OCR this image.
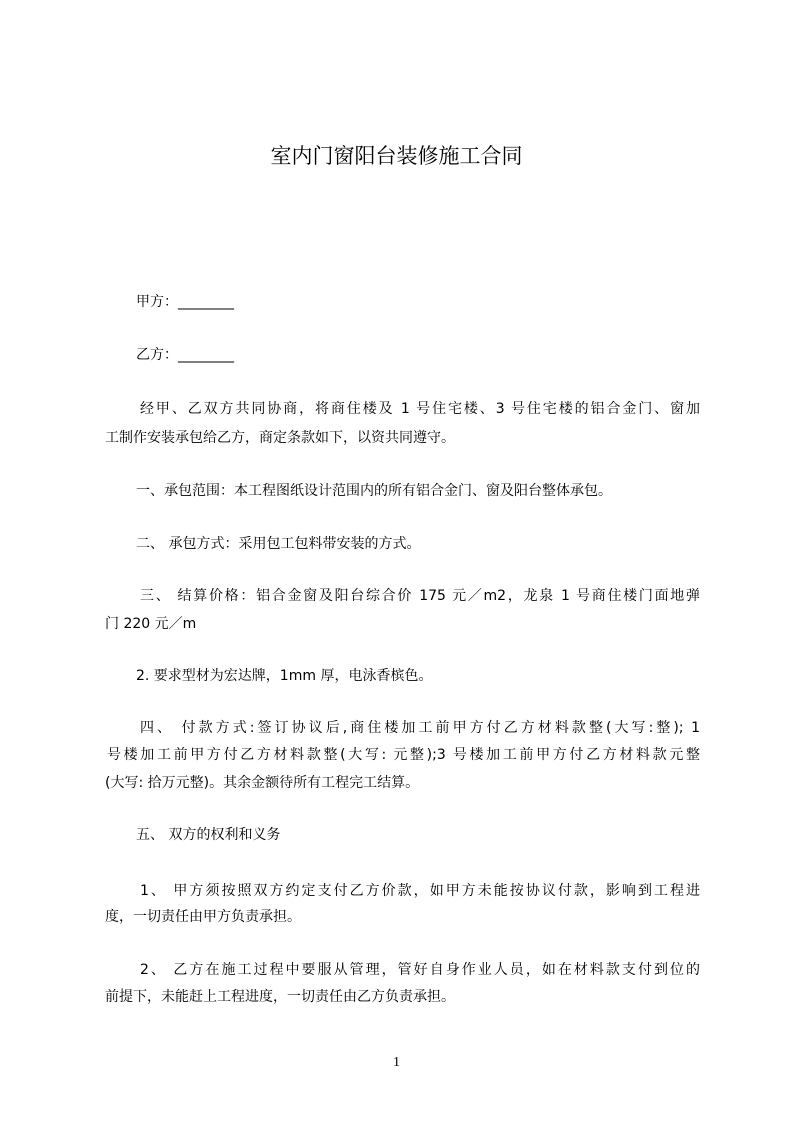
室内门窗阳台装修施工合同
甲方：________
乙方：________
经甲、乙双方共同协商，将商住楼及 1 号住宅楼、3 号住宅楼的铝合金门、窗加
工制作安装承包给乙方，商定条款如下，以资共同遵守。
一、承包范围：本工程图纸设计范围内的所有铝合金门、窗及阳台整体承包。
二、 承包方式：采用包工包料带安装的方式。
三、 结算价格：铝合金窗及阳台综合价 175 元／m2，龙泉 1 号商住楼门面地弹
门 220 元／m
2. 要求型材为宏达牌，1mm 厚，电泳香槟色。
四、 付款方式:签订协议后,商住楼加工前甲方付乙方材料款整(大写:整); 1
号楼加工前甲方付乙方材料款整(大写: 元整);3 号楼加工前甲方付乙方材料款元整
(大写: 拾万元整)。其余金额待所有工程完工结算。
五、 双方的权利和义务
1、 甲方须按照双方约定支付乙方价款，如甲方未能按协议付款，影响到工程进
度，一切责任由甲方负责承担。
2、 乙方在施工过程中要服从管理，管好自身作业人员，如在材料款支付到位的
前提下，未能赶上工程进度，一切责任由乙方负责承担。
1
